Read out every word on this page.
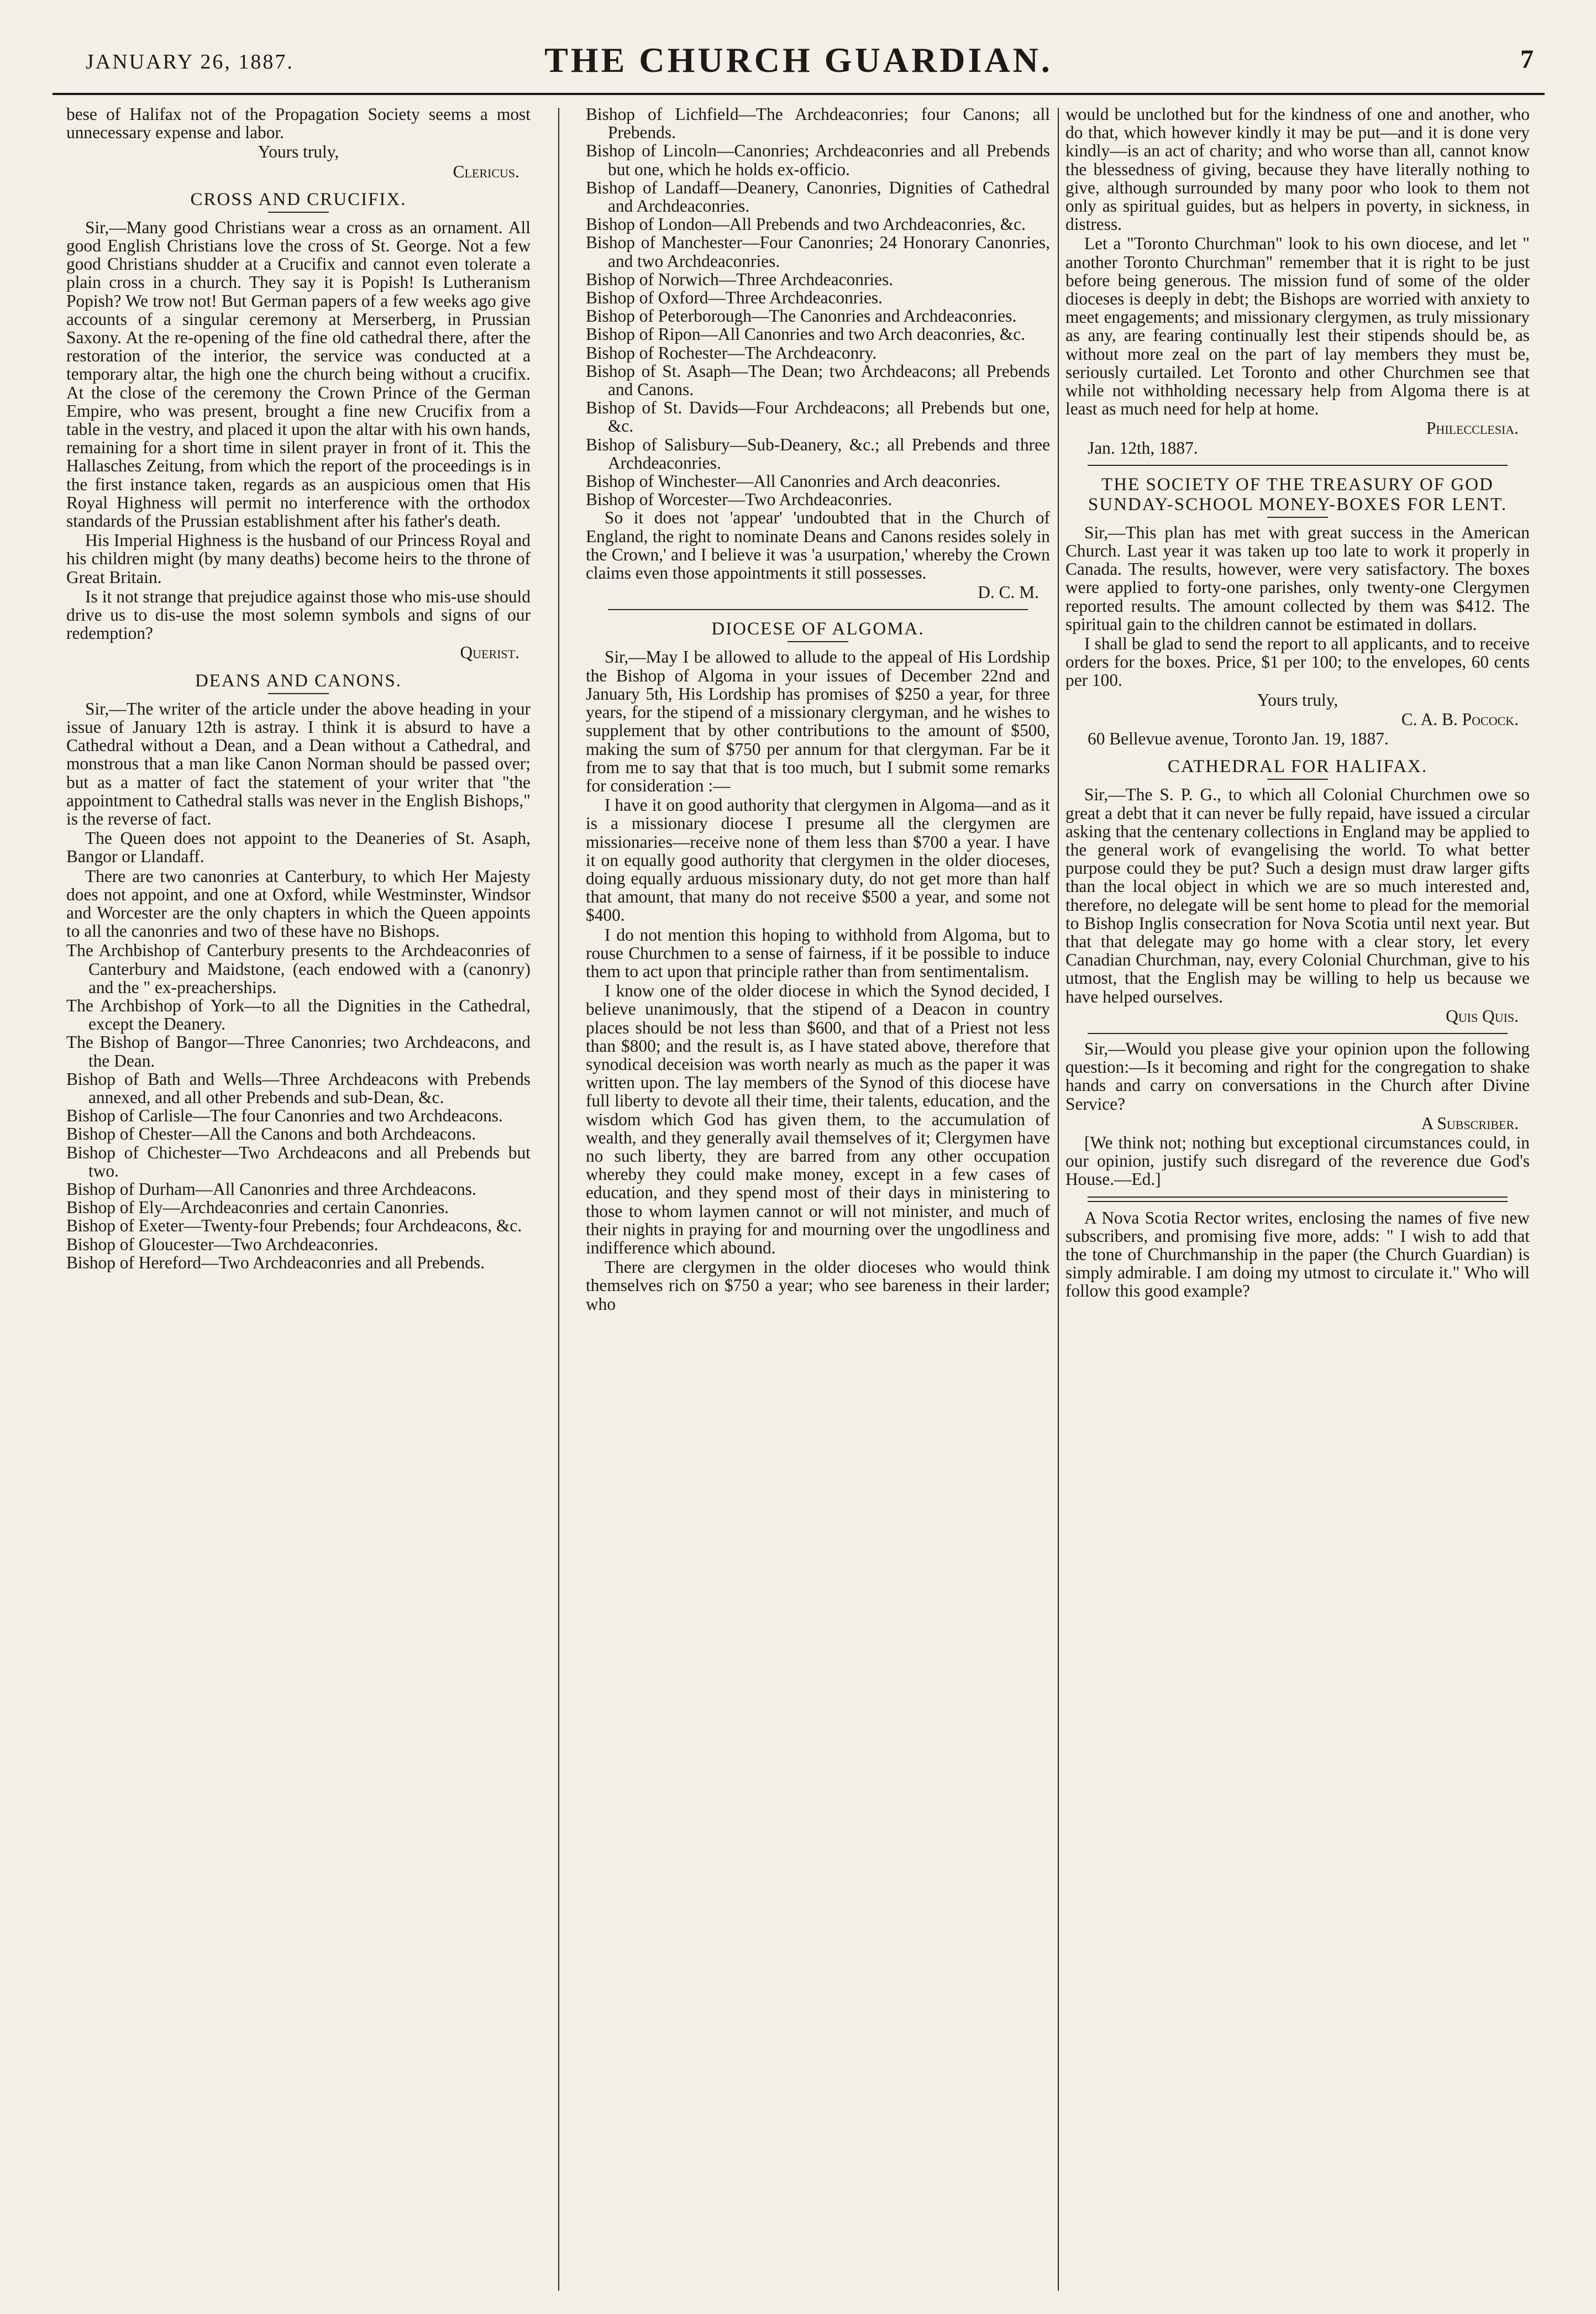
JANUARY 26, 1887.	THE CHURCH GUARDIAN.	7

bese of Halifax not of the Propagation Society seems a most unnecessary expense and labor.

Yours truly,

Clericus.

CROSS AND CRUCIFIX.

Sir,—Many good Christians wear a cross as an ornament. All good English Christians love the cross of St. George. Not a few good Christians shudder at a Crucifix and cannot even tolerate a plain cross in a church. They say it is Popish! Is Lutheranism Popish? We trow not! But German papers of a few weeks ago give accounts of a singular ceremony at Merserberg, in Prussian Saxony. At the re-opening of the fine old cathedral there, after the restoration of the interior, the service was conducted at a temporary altar, the high one the church being without a crucifix. At the close of the ceremony the Crown Prince of the German Empire, who was present, brought a fine new Crucifix from a table in the vestry, and placed it upon the altar with his own hands, remaining for a short time in silent prayer in front of it. This the Hallasches Zeitung, from which the report of the proceedings is in the first instance taken, regards as an auspicious omen that His Royal Highness will permit no interference with the orthodox standards of the Prussian establishment after his father's death.

His Imperial Highness is the husband of our Princess Royal and his children might (by many deaths) become heirs to the throne of Great Britain.

Is it not strange that prejudice against those who mis-use should drive us to dis-use the most solemn symbols and signs of our redemption?

Querist.

DEANS AND CANONS.

Sir,—The writer of the article under the above heading in your issue of January 12th is astray. I think it is absurd to have a Cathedral without a Dean, and a Dean without a Cathedral, and monstrous that a man like Canon Norman should be passed over; but as a matter of fact the statement of your writer that "the appointment to Cathedral stalls was never in the English Bishops," is the reverse of fact.

The Queen does not appoint to the Deaneries of St. Asaph, Bangor or Llandaff.

There are two canonries at Canterbury, to which Her Majesty does not appoint, and one at Oxford, while Westminster, Windsor and Worcester are the only chapters in which the Queen appoints to all the canonries and two of these have no Bishops.

The Archbishop of Canterbury presents to the Archdeaconries of Canterbury and Maidstone, (each endowed with a (canonry) and the " ex-preacherships.

The Archbishop of York—to all the Dignities in the Cathedral, except the Deanery.

The Bishop of Bangor—Three Canonries; two Archdeacons, and the Dean.

Bishop of Bath and Wells—Three Archdeacons with Prebends annexed, and all other Prebends and sub-Dean, &c.

Bishop of Carlisle—The four Canonries and two Archdeacons.

Bishop of Chester—All the Canons and both Archdeacons.

Bishop of Chichester—Two Archdeacons and all Prebends but two.

Bishop of Durham—All Canonries and three Archdeacons.

Bishop of Ely—Archdeaconries and certain Canonries.

Bishop of Exeter—Twenty-four Prebends; four Archdeacons, &c.

Bishop of Gloucester—Two Archdeaconries.

Bishop of Hereford—Two Archdeaconries and all Prebends.

Bishop of Lichfield—The Archdeaconries; four Canons; all Prebends.

Bishop of Lincoln—Canonries; Archdeaconries and all Prebends but one, which he holds ex-officio.

Bishop of Landaff—Deanery, Canonries, Dignities of Cathedral and Archdeaconries.

Bishop of London—All Prebends and two Archdeaconries, &c.

Bishop of Manchester—Four Canonries; 24 Honorary Canonries, and two Archdeaconries.

Bishop of Norwich—Three Archdeaconries.

Bishop of Oxford—Three Archdeaconries.

Bishop of Peterborough—The Canonries and Archdeaconries.

Bishop of Ripon—All Canonries and two Arch deaconries, &c.

Bishop of Rochester—The Archdeaconry.

Bishop of St. Asaph—The Dean; two Archdeacons; all Prebends and Canons.

Bishop of St. Davids—Four Archdeacons; all Prebends but one, &c.

Bishop of Salisbury—Sub-Deanery, &c.; all Prebends and three Archdeaconries.

Bishop of Winchester—All Canonries and Arch deaconries.

Bishop of Worcester—Two Archdeaconries.

So it does not 'appear' 'undoubted that in the Church of England, the right to nominate Deans and Canons resides solely in the Crown,' and I believe it was 'a usurpation,' whereby the Crown claims even those appointments it still possesses.

D. C. M.

DIOCESE OF ALGOMA.

Sir,—May I be allowed to allude to the appeal of His Lordship the Bishop of Algoma in your issues of December 22nd and January 5th, His Lordship has promises of $250 a year, for three years, for the stipend of a missionary clergyman, and he wishes to supplement that by other contributions to the amount of $500, making the sum of $750 per annum for that clergyman. Far be it from me to say that that is too much, but I submit some remarks for consideration :—

I have it on good authority that clergymen in Algoma—and as it is a missionary diocese I presume all the clergymen are missionaries—receive none of them less than $700 a year. I have it on equally good authority that clergymen in the older dioceses, doing equally arduous missionary duty, do not get more than half that amount, that many do not receive $500 a year, and some not $400.

I do not mention this hoping to withhold from Algoma, but to rouse Churchmen to a sense of fairness, if it be possible to induce them to act upon that principle rather than from sentimentalism.

I know one of the older diocese in which the Synod decided, I believe unanimously, that the stipend of a Deacon in country places should be not less than $600, and that of a Priest not less than $800; and the result is, as I have stated above, therefore that synodical deceision was worth nearly as much as the paper it was written upon. The lay members of the Synod of this diocese have full liberty to devote all their time, their talents, education, and the wisdom which God has given them, to the accumulation of wealth, and they generally avail themselves of it; Clergymen have no such liberty, they are barred from any other occupation whereby they could make money, except in a few cases of education, and they spend most of their days in ministering to those to whom laymen cannot or will not minister, and much of their nights in praying for and mourning over the ungodliness and indifference which abound.

There are clergymen in the older dioceses who would think themselves rich on $750 a year; who see bareness in their larder; who

would be unclothed but for the kindness of one and another, who do that, which however kindly it may be put—and it is done very kindly—is an act of charity; and who worse than all, cannot know the blessedness of giving, because they have literally nothing to give, although surrounded by many poor who look to them not only as spiritual guides, but as helpers in poverty, in sickness, in distress.

Let a "Toronto Churchman" look to his own diocese, and let " another Toronto Churchman" remember that it is right to be just before being generous. The mission fund of some of the older dioceses is deeply in debt; the Bishops are worried with anxiety to meet engagements; and missionary clergymen, as truly missionary as any, are fearing continually lest their stipends should be, as without more zeal on the part of lay members they must be, seriously curtailed. Let Toronto and other Churchmen see that while not withholding necessary help from Algoma there is at least as much need for help at home.

Philecclesia.

Jan. 12th, 1887.

THE SOCIETY OF THE TREASURY OF GOD SUNDAY-SCHOOL MONEY-BOXES FOR LENT.

Sir,—This plan has met with great success in the American Church. Last year it was taken up too late to work it properly in Canada. The results, however, were very satisfactory. The boxes were applied to forty-one parishes, only twenty-one Clergymen reported results. The amount collected by them was $412. The spiritual gain to the children cannot be estimated in dollars.

I shall be glad to send the report to all applicants, and to receive orders for the boxes. Price, $1 per 100; to the envelopes, 60 cents per 100.

Yours truly,

C. A. B. Pocock.

60 Bellevue avenue, Toronto Jan. 19, 1887.

CATHEDRAL FOR HALIFAX.

Sir,—The S. P. G., to which all Colonial Churchmen owe so great a debt that it can never be fully repaid, have issued a circular asking that the centenary collections in England may be applied to the general work of evangelising the world. To what better purpose could they be put? Such a design must draw larger gifts than the local object in which we are so much interested and, therefore, no delegate will be sent home to plead for the memorial to Bishop Inglis consecration for Nova Scotia until next year. But that that delegate may go home with a clear story, let every Canadian Churchman, nay, every Colonial Churchman, give to his utmost, that the English may be willing to help us because we have helped ourselves.

Quis Quis.

Sir,—Would you please give your opinion upon the following question:—Is it becoming and right for the congregation to shake hands and carry on conversations in the Church after Divine Service?

A Subscriber.

[We think not; nothing but exceptional circumstances could, in our opinion, justify such disregard of the reverence due God's House.—Ed.]

A Nova Scotia Rector writes, enclosing the names of five new subscribers, and promising five more, adds: " I wish to add that the tone of Churchmanship in the paper (the Church Guardian) is simply admirable. I am doing my utmost to circulate it." Who will follow this good example?
